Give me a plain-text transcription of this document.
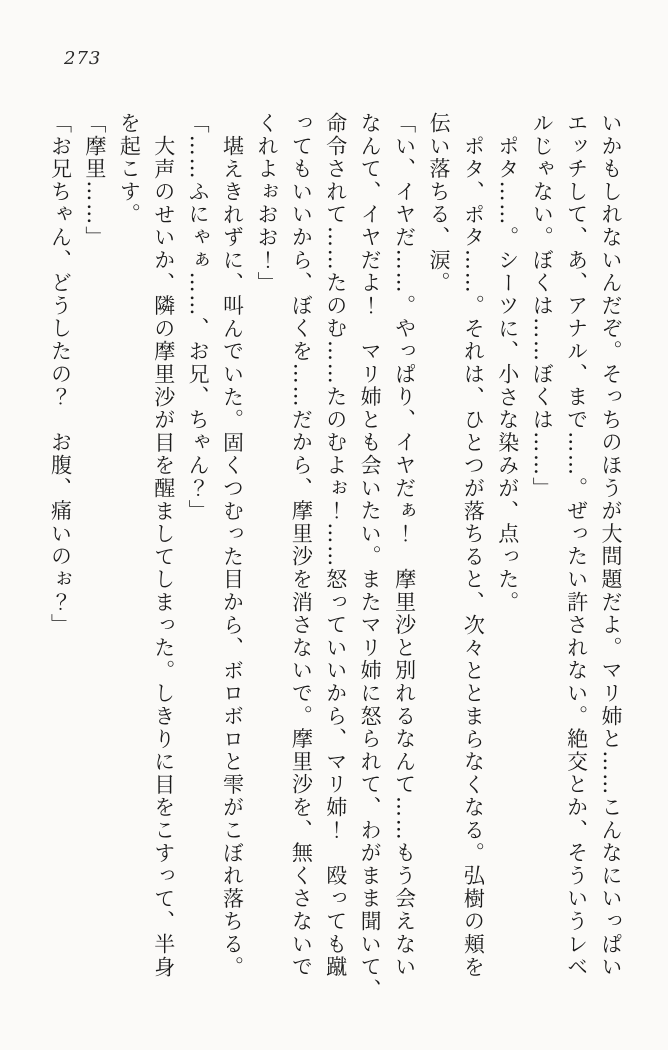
273

いかもしれないんだぞ。そっちのほうが大問題だよ。マリ姉と……こんなにいっぱい

エッチして、あ、アナル、まで……。ぜったい許されない。絶交とか、そういうレベ

ルじゃない。ぼくは……ぼくは……」

ポタ……。シーツに、小さな染みが、点った。

ポタ、ポタ……。それは、ひとつが落ちると、次々ととまらなくなる。弘樹の頬を

伝い落ちる、涙。

「い、イヤだ……。やっぱり、イヤだぁ！　摩里沙と別れるなんて……もう会えない

なんて、イヤだよ！　マリ姉とも会いたい。またマリ姉に怒られて、わがまま聞いて、

命令されて……たのむ……たのむよぉ！……怒っていいから、マリ姉！　殴っても蹴

ってもいいから、ぼくを……だから、摩里沙を消さないで。摩里沙を、無くさないで

くれよぉおお！」

堪えきれずに、叫んでいた。固くつむった目から、ボロボロと雫がこぼれ落ちる。

「……ふにゃぁ……、お兄、ちゃん？」

大声のせいか、隣の摩里沙が目を醒ましてしまった。しきりに目をこすって、半身

を起こす。

「摩里……」

「お兄ちゃん、どうしたの？　お腹、痛いのぉ？」
